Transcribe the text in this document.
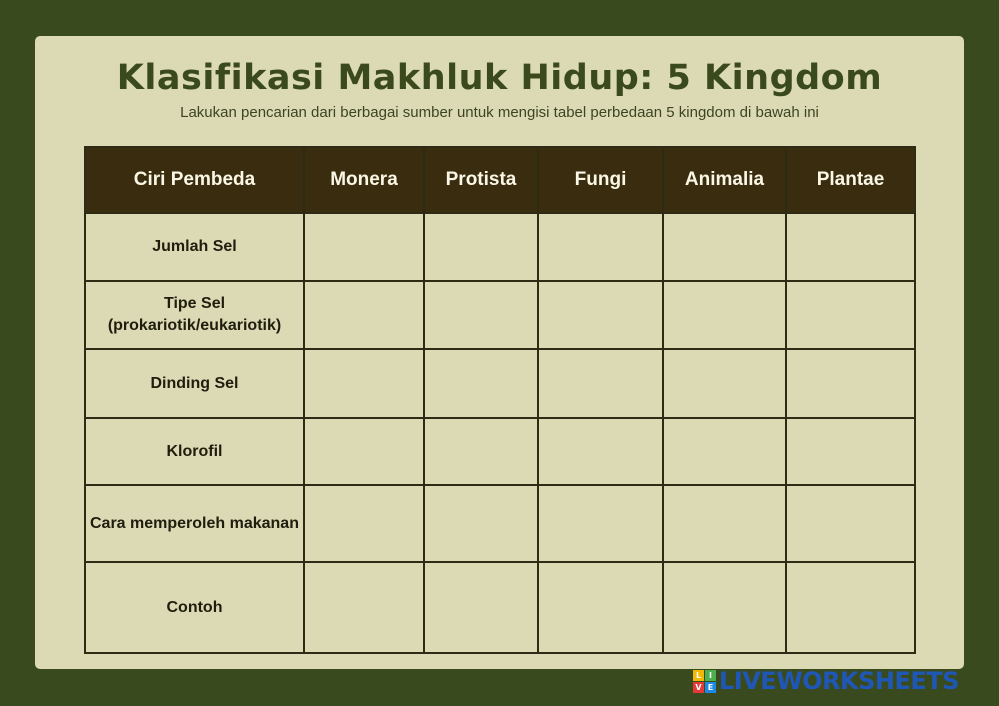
Klasifikasi Makhluk Hidup: 5 Kingdom
Lakukan pencarian dari berbagai sumber untuk mengisi tabel perbedaan 5 kingdom di bawah ini
Ciri Pembeda	Monera	Protista	Fungi	Animalia	Plantae

Jumlah Sel					

Tipe Sel
(prokariotik/eukariotik)					

Dinding Sel					

Klorofil					

Cara memperoleh makanan					

Contoh					

L I
V E LIVEWORKSHEETS
